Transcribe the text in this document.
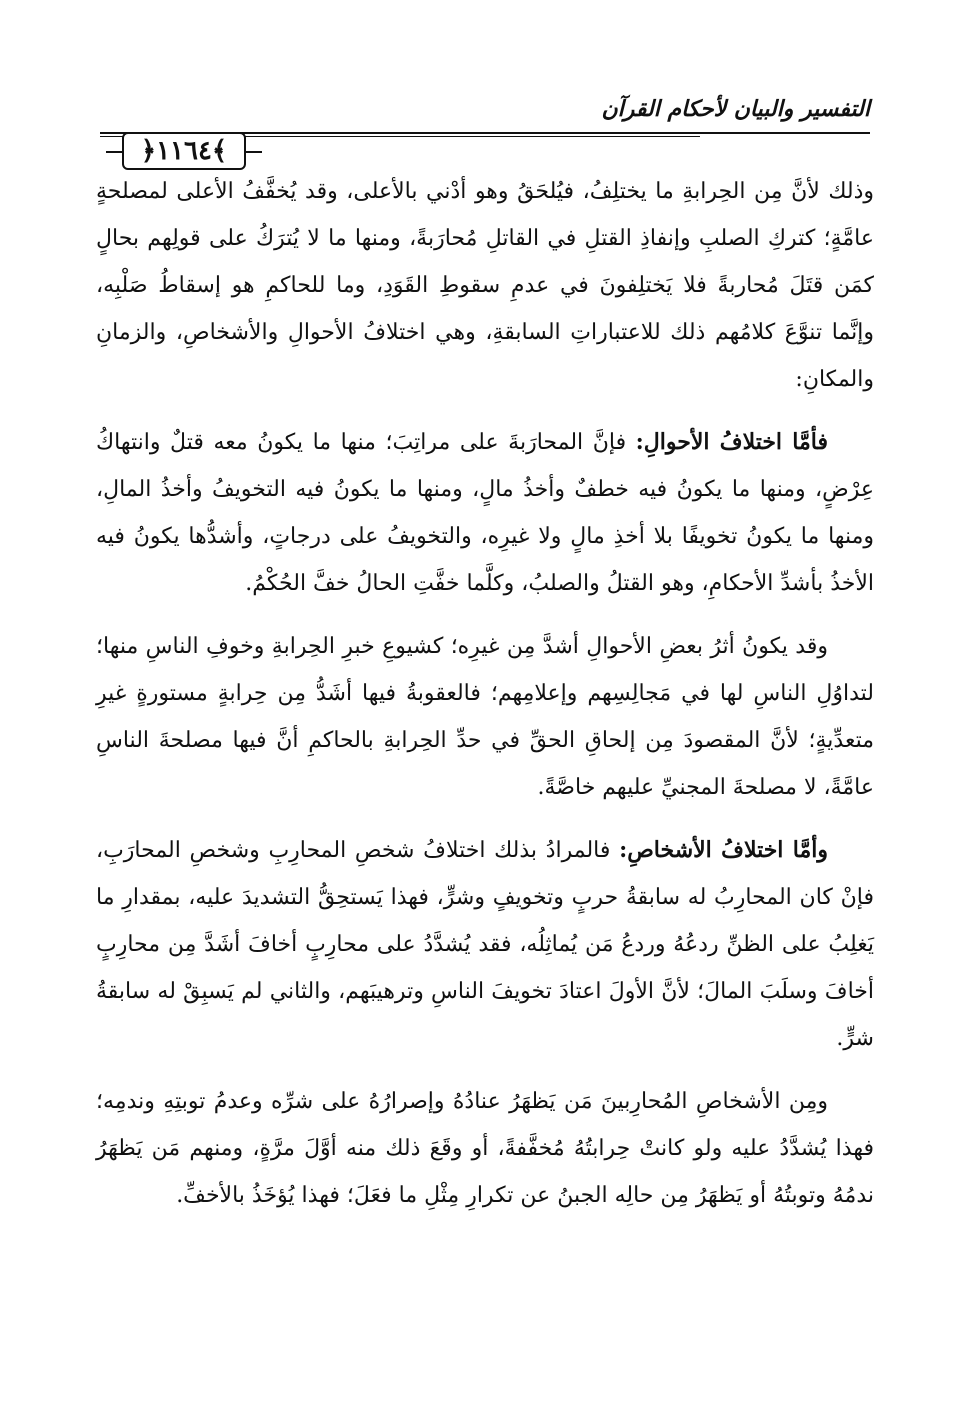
التفسير والبيان لأحكام القرآن
﴿١١٦٤﴾

وذلك لأنَّ مِن الحِرابةِ ما يختلِفُ، فيُلحَقُ وهو أدْني بالأعلى، وقد يُخفَّفُ الأعلى لمصلحةٍ عامَّةٍ؛ كتركِ الصلبِ وإنفاذِ القتلِ في القاتلِ مُحارَبةً، ومنها ما لا يُترَكُ على قولِهم بحالٍ كمَن قتَلَ مُحاربةً فلا يَختلِفونَ في عدمِ سقوطِ القَوَدِ، وما للحاكمِ هو إسقاطُ صَلْبِه، وإنَّما تنوَّعَ كلامُهم ذلك للاعتباراتِ السابقةِ، وهي اختلافُ الأحوالِ والأشخاصِ، والزمانِ والمكانِ:

فأمَّا اختلافُ الأحوالِ: فإنَّ المحارَبةَ على مراتِبَ؛ منها ما يكونُ معه قتلٌ وانتهاكُ عِرْضٍ، ومنها ما يكونُ فيه خطفٌ وأخذُ مالٍ، ومنها ما يكونُ فيه التخويفُ وأخذُ المالِ، ومنها ما يكونُ تخويفًا بلا أخذِ مالٍ ولا غيرِه، والتخويفُ على درجاتٍ، وأشدُّها يكونُ فيه الأخذُ بأشدِّ الأحكامِ، وهو القتلُ والصلبُ، وكلَّما خفَّتِ الحالُ خفَّ الحُكْمُ.

وقد يكونُ أثرُ بعضِ الأحوالِ أشدَّ مِن غيرِه؛ كشيوعِ خبرِ الحِرابةِ وخوفِ الناسِ منها؛ لتداوُلِ الناسِ لها في مَجالِسِهم وإعلامِهم؛ فالعقوبةُ فيها أشَدُّ مِن حِرابةٍ مستورةٍ غيرِ متعدِّيةٍ؛ لأنَّ المقصودَ مِن إلحاقِ الحقِّ في حدِّ الحِرابةِ بالحاكمِ أنَّ فيها مصلحةَ الناسِ عامَّةً، لا مصلحةَ المجنيِّ عليهم خاصَّةً.

وأمَّا اختلافُ الأشخاصِ: فالمرادُ بذلك اختلافُ شخصِ المحارِبِ وشخصِ المحارَبِ، فإنْ كان المحارِبُ له سابقةُ حربٍ وتخويفٍ وشرٍّ، فهذا يَستحِقُّ التشديدَ عليه، بمقدارِ ما يَغلِبُ على الظنِّ ردعُهُ وردعُ مَن يُماثِلُه، فقد يُشدَّدُ على محارِبٍ أخافَ أشَدَّ مِن محارِبٍ أخافَ وسلَبَ المالَ؛ لأنَّ الأولَ اعتادَ تخويفَ الناسِ وترهيبَهم، والثاني لم يَسبِقْ له سابقةُ شرٍّ.

ومِن الأشخاصِ المُحارِبينَ مَن يَظهَرُ عنادُهُ وإصرارُهُ على شرِّه وعدمُ توبتِهِ وندمِه؛ فهذا يُشدَّدُ عليه ولو كانتْ حِرابتُهُ مُخفَّفةً، أو وقَعَ ذلك منه أوَّلَ مرَّةٍ، ومنهم مَن يَظهَرُ ندمُهُ وتوبتُهُ أو يَظهَرُ مِن حالِه الجبنُ عن تكرارِ مِثْلِ ما فعَلَ؛ فهذا يُؤخَذُ بالأخفِّ.
